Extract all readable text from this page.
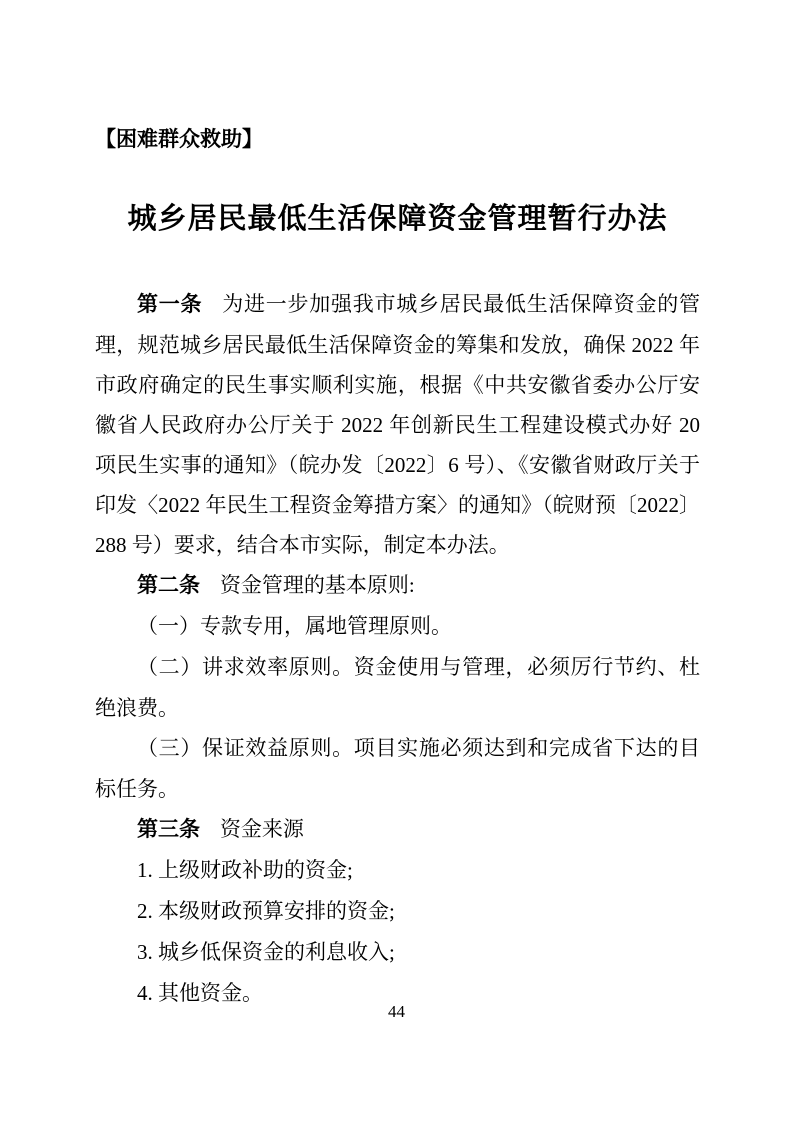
【困难群众救助】
城乡居民最低生活保障资金管理暂行办法

第一条 为进一步加强我市城乡居民最低生活保障资金的管理，规范城乡居民最低生活保障资金的筹集和发放，确保 2022 年市政府确定的民生事实顺利实施，根据《中共安徽省委办公厅安徽省人民政府办公厅关于 2022 年创新民生工程建设模式办好 20 项民生实事的通知》（皖办发〔2022〕6 号）、《安徽省财政厅关于印发〈2022 年民生工程资金筹措方案〉的通知》（皖财预〔2022〕288 号）要求，结合本市实际，制定本办法。

第二条 资金管理的基本原则:

（一）专款专用，属地管理原则。

（二）讲求效率原则。资金使用与管理，必须厉行节约、杜绝浪费。

（三）保证效益原则。项目实施必须达到和完成省下达的目标任务。

第三条 资金来源

1. 上级财政补助的资金;

2. 本级财政预算安排的资金;

3. 城乡低保资金的利息收入;

4. 其他资金。

44
